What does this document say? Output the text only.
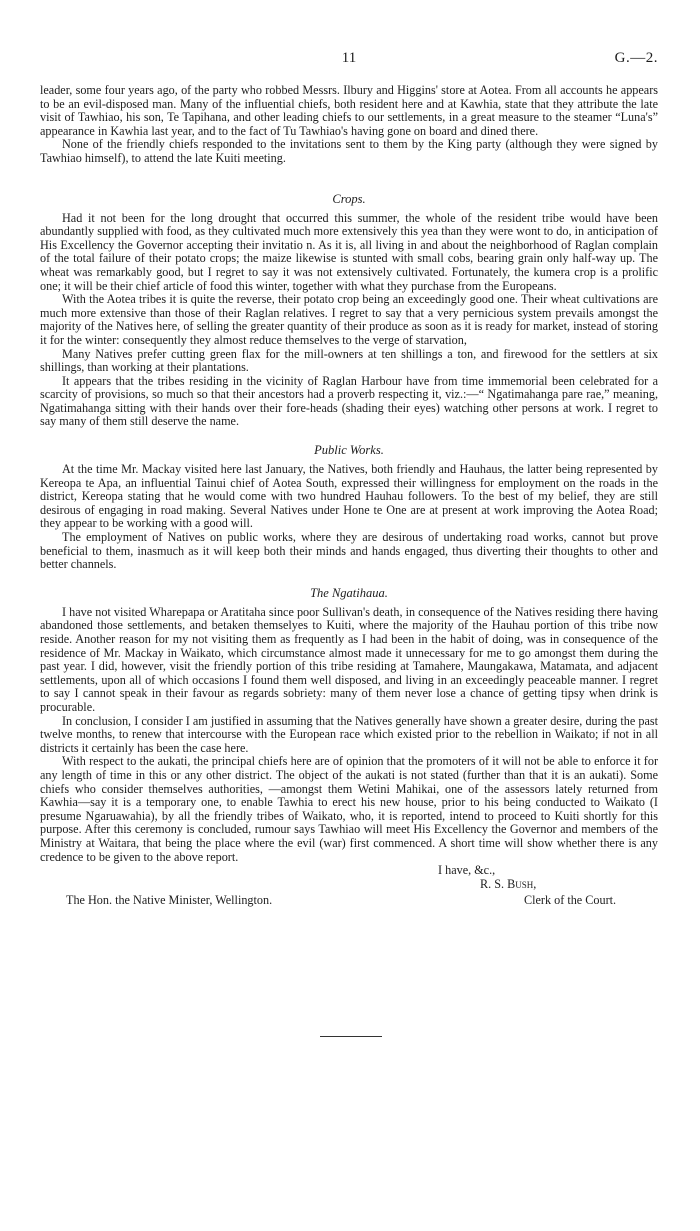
11	G.—2.

leader, some four years ago, of the party who robbed Messrs. Ilbury and Higgins' store at Aotea. From all accounts he appears to be an evil-disposed man. Many of the influential chiefs, both resident here and at Kawhia, state that they attribute the late visit of Tawhiao, his son, Te Tapihana, and other leading chiefs to our settlements, in a great measure to the steamer “Luna's” appearance in Kawhia last year, and to the fact of Tu Tawhiao's having gone on board and dined there.

None of the friendly chiefs responded to the invitations sent to them by the King party (although they were signed by Tawhiao himself), to attend the late Kuiti meeting.

Crops.

Had it not been for the long drought that occurred this summer, the whole of the resident tribe would have been abundantly supplied with food, as they cultivated much more extensively this yea than they were wont to do, in anticipation of His Excellency the Governor accepting their invitatio n. As it is, all living in and about the neighborhood of Raglan complain of the total failure of their potato crops; the maize likewise is stunted with small cobs, bearing grain only half-way up. The wheat was remarkably good, but I regret to say it was not extensively cultivated. Fortunately, the kumera crop is a prolific one; it will be their chief article of food this winter, together with what they purchase from the Europeans.

With the Aotea tribes it is quite the reverse, their potato crop being an exceedingly good one. Their wheat cultivations are much more extensive than those of their Raglan relatives. I regret to say that a very pernicious system prevails amongst the majority of the Natives here, of selling the greater quantity of their produce as soon as it is ready for market, instead of storing it for the winter: consequently they almost reduce themselves to the verge of starvation,

Many Natives prefer cutting green flax for the mill-owners at ten shillings a ton, and firewood for the settlers at six shillings, than working at their plantations.

It appears that the tribes residing in the vicinity of Raglan Harbour have from time immemorial been celebrated for a scarcity of provisions, so much so that their ancestors had a proverb respecting it, viz.:—“ Ngatimahanga pare rae,” meaning, Ngatimahanga sitting with their hands over their fore-heads (shading their eyes) watching other persons at work. I regret to say many of them still deserve the name.

Public Works.

At the time Mr. Mackay visited here last January, the Natives, both friendly and Hauhaus, the latter being represented by Kereopa te Apa, an influential Tainui chief of Aotea South, expressed their willingness for employment on the roads in the district, Kereopa stating that he would come with two hundred Hauhau followers. To the best of my belief, they are still desirous of engaging in road making. Several Natives under Hone te One are at present at work improving the Aotea Road; they appear to be working with a good will.

The employment of Natives on public works, where they are desirous of undertaking road works, cannot but prove beneficial to them, inasmuch as it will keep both their minds and hands engaged, thus diverting their thoughts to other and better channels.

The Ngatihaua.

I have not visited Wharepapa or Aratitaha since poor Sullivan's death, in consequence of the Natives residing there having abandoned those settlements, and betaken themselyes to Kuiti, where the majority of the Hauhau portion of this tribe now reside. Another reason for my not visiting them as frequently as I had been in the habit of doing, was in consequence of the residence of Mr. Mackay in Waikato, which circumstance almost made it unnecessary for me to go amongst them during the past year. I did, however, visit the friendly portion of this tribe residing at Tamahere, Maungakawa, Matamata, and adjacent settlements, upon all of which occasions I found them well disposed, and living in an exceedingly peaceable manner. I regret to say I cannot speak in their favour as regards sobriety: many of them never lose a chance of getting tipsy when drink is procurable.

In conclusion, I consider I am justified in assuming that the Natives generally have shown a greater desire, during the past twelve months, to renew that intercourse with the European race which existed prior to the rebellion in Waikato; if not in all districts it certainly has been the case here.

With respect to the aukati, the principal chiefs here are of opinion that the promoters of it will not be able to enforce it for any length of time in this or any other district. The object of the aukati is not stated (further than that it is an aukati). Some chiefs who consider themselves authorities, —amongst them Wetini Mahikai, one of the assessors lately returned from Kawhia—say it is a temporary one, to enable Tawhia to erect his new house, prior to his being conducted to Waikato (I presume Ngaruawahia), by all the friendly tribes of Waikato, who, it is reported, intend to proceed to Kuiti shortly for this purpose. After this ceremony is concluded, rumour says Tawhiao will meet His Excellency the Governor and members of the Ministry at Waitara, that being the place where the evil (war) first commenced. A short time will show whether there is any credence to be given to the above report.

I have, &c.,
R. S. Bush,
The Hon. the Native Minister, Wellington.	Clerk of the Court.
